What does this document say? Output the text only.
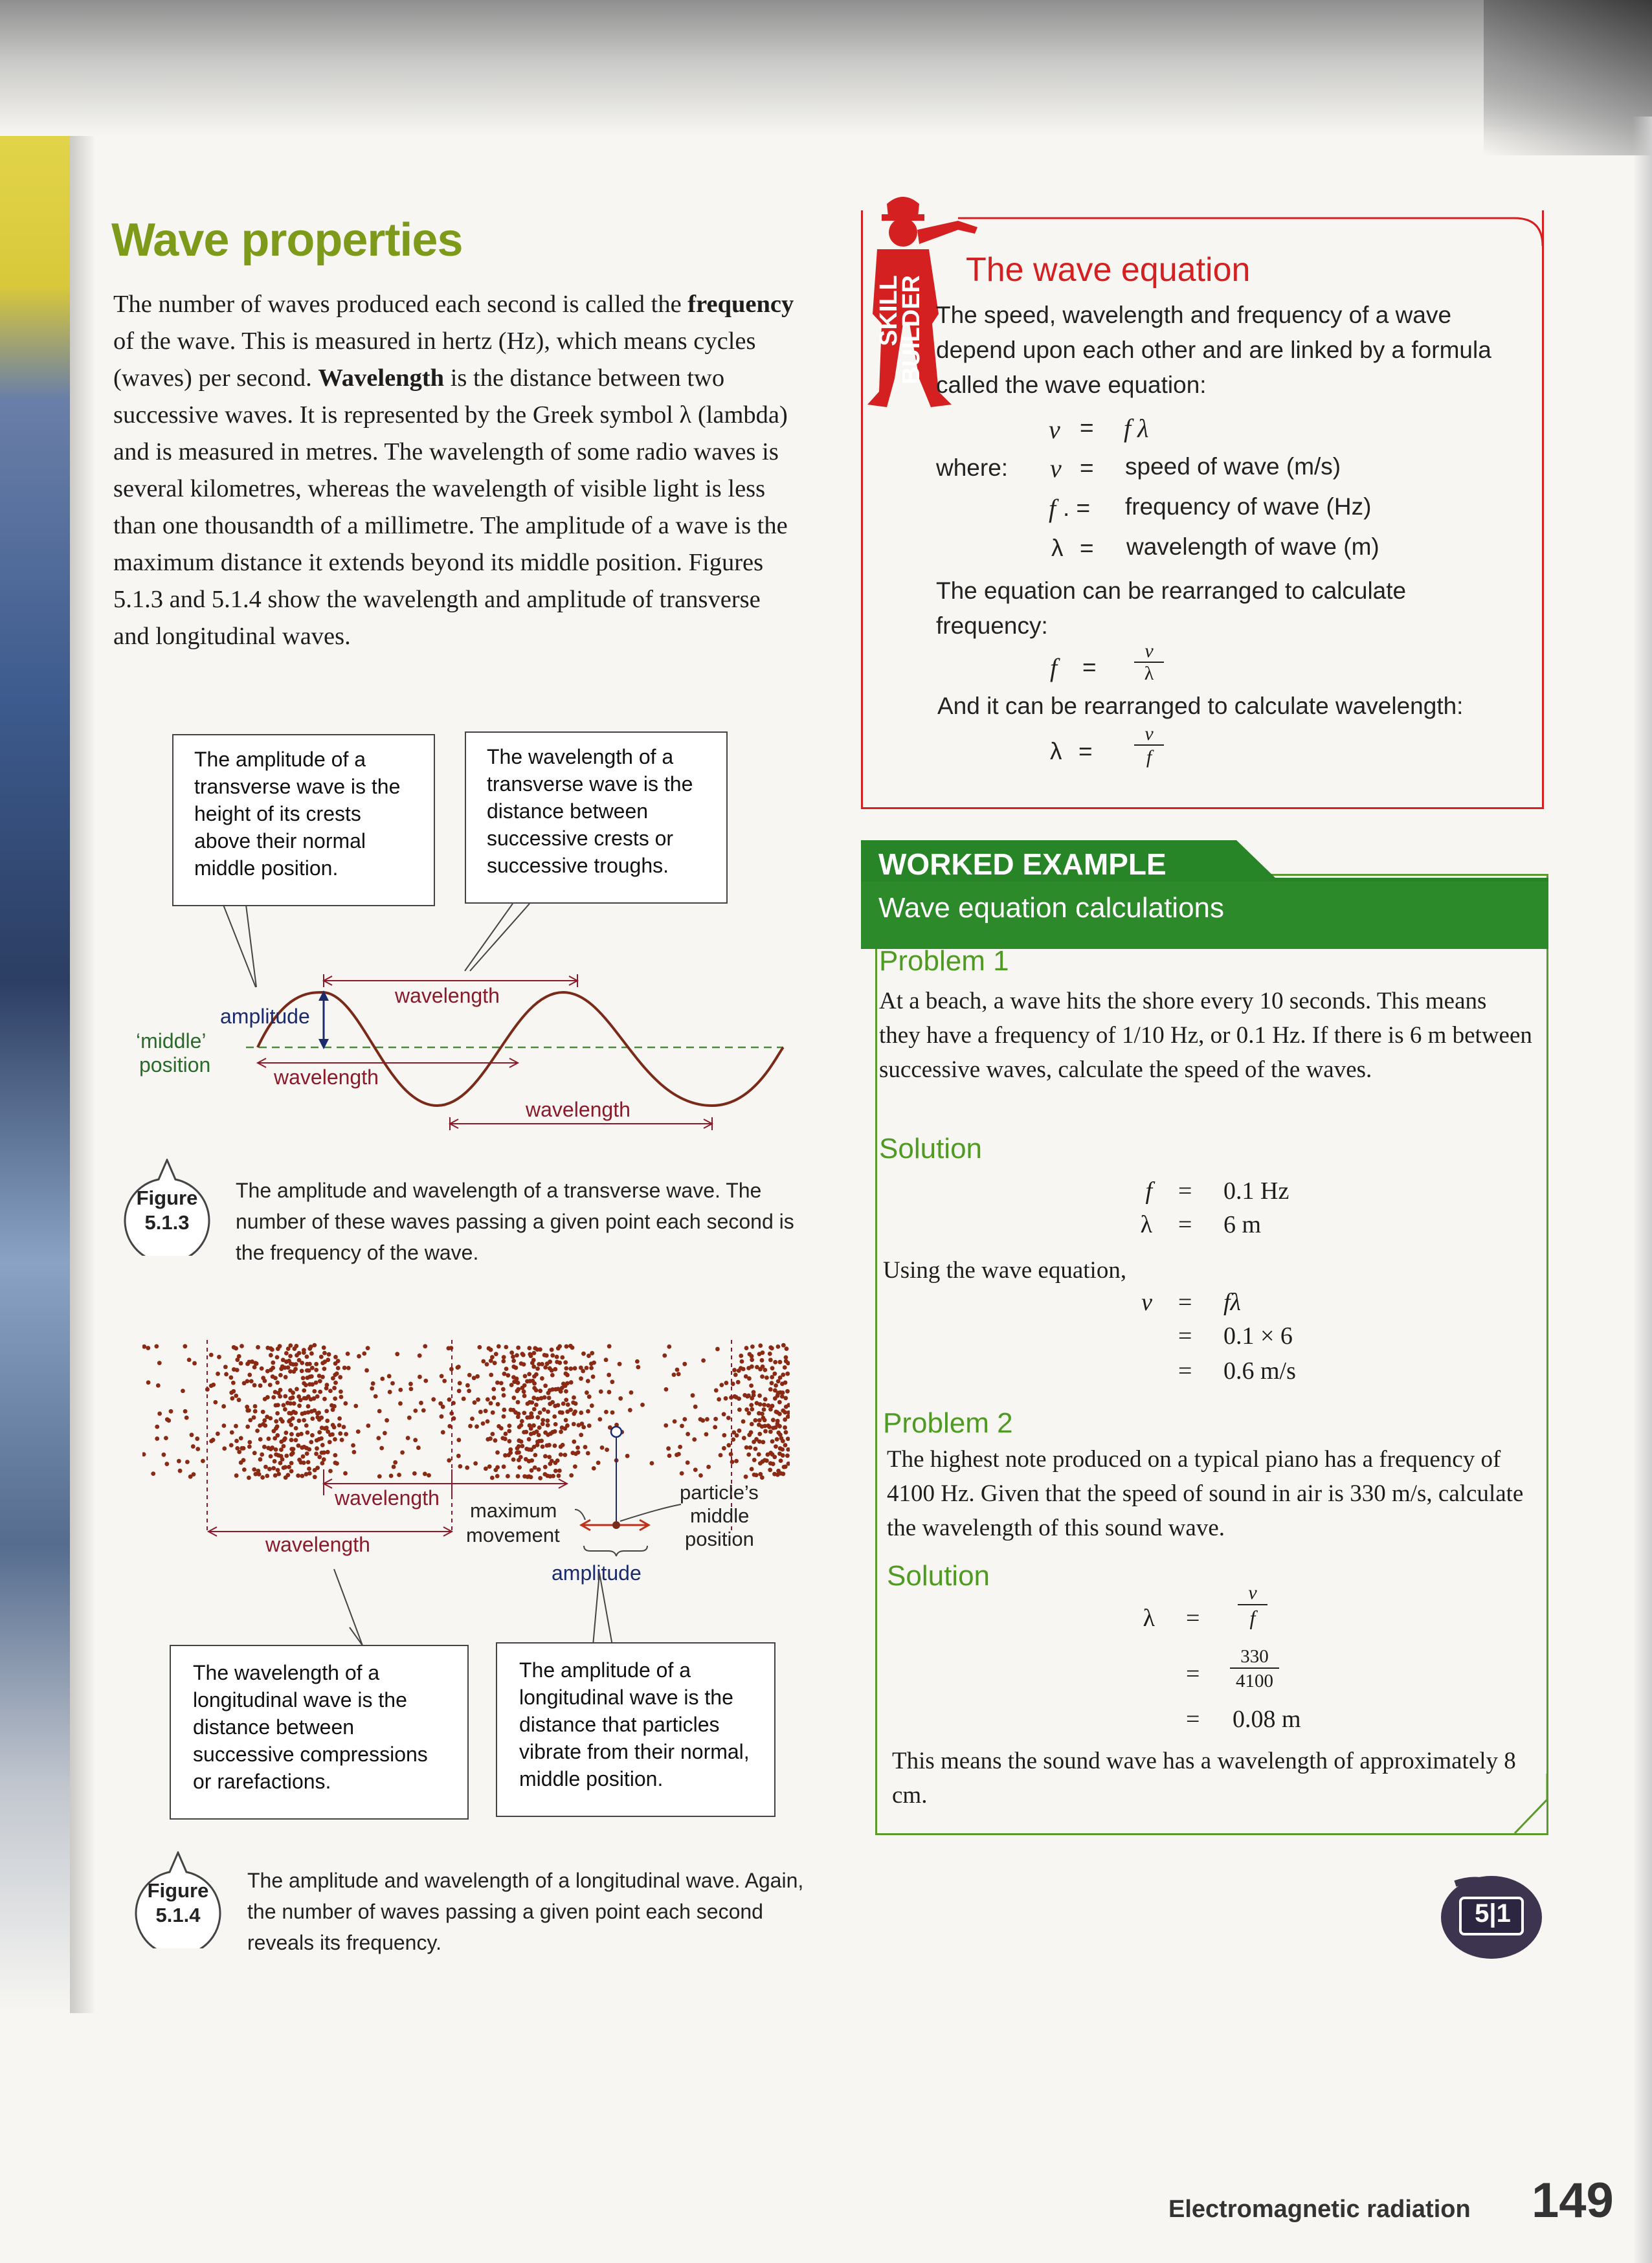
Wave properties
The number of waves produced each second is called the frequency of the wave. This is measured in hertz (Hz), which means cycles (waves) per second. Wavelength is the distance between two successive waves. It is represented by the Greek symbol λ (lambda) and is measured in metres. The wavelength of some radio waves is several kilometres, whereas the wavelength of visible light is less than one thousandth of a millimetre. The amplitude of a wave is the maximum distance it extends beyond its middle position. Figures 5.1.3 and 5.1.4 show the wavelength and amplitude of transverse and longitudinal waves.
The amplitude of a transverse wave is the height of its crests above their normal middle position.
The wavelength of a transverse wave is the distance between successive crests or successive troughs.
amplitude
‘middle’
position
wavelength
wavelength
wavelength
Figure
5.1.3
The amplitude and wavelength of a transverse wave. The number of these waves passing a given point each second is the frequency of the wave.
wavelength
wavelength
maximum
movement
particle’s
middle
position
amplitude
The wavelength of a longitudinal wave is the distance between successive compressions or rarefactions.
The amplitude of a longitudinal wave is the distance that particles vibrate from their normal, middle position.
Figure
5.1.4
The amplitude and wavelength of a longitudinal wave. Again, the number of waves passing a given point each second reveals its frequency.
SKILL
BUILDER
The wave equation
The speed, wavelength and frequency of a wave depend upon each other and are linked by a formula called the wave equation:
v = f λ
where: v = speed of wave (m/s)
f . = frequency of wave (Hz)
λ = wavelength of wave (m)
The equation can be rearranged to calculate frequency:
$f = \frac{v}{\lambda}$
And it can be rearranged to calculate wavelength:
$\lambda = \frac{v}{f}$
WORKED EXAMPLE
Wave equation calculations
Problem 1
At a beach, a wave hits the shore every 10 seconds. This means they have a frequency of 1/10 Hz, or 0.1 Hz. If there is 6 m between successive waves, calculate the speed of the waves.
Solution
f = 0.1 Hz
λ = 6 m
Using the wave equation,
v = fλ
= 0.1 × 6
= 0.6 m/s
Problem 2
The highest note produced on a typical piano has a frequency of 4100 Hz. Given that the speed of sound in air is 330 m/s, calculate the wavelength of this sound wave.
Solution
$\lambda = \frac{v}{f}$
= $\frac{330}{4100}$
= 0.08 m
This means the sound wave has a wavelength of approximately 8 cm.
5|1
Electromagnetic radiation 149
